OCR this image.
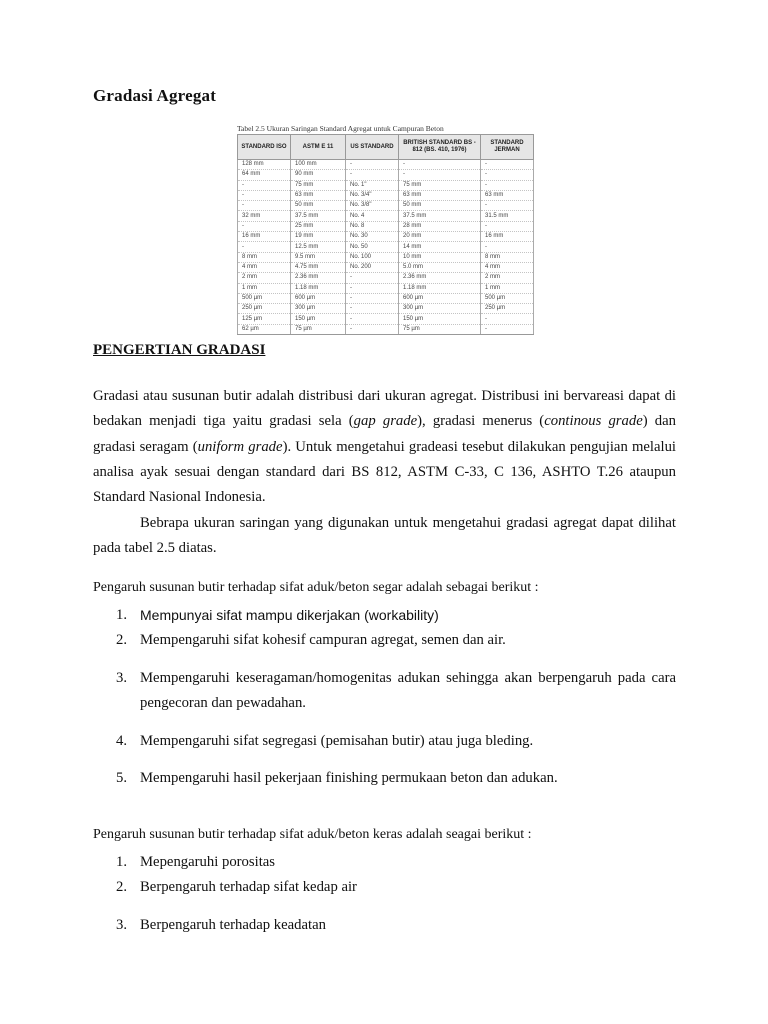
Gradasi Agregat
Tabel 2.5 Ukuran Saringan Standard Agregat untuk Campuran Beton
STANDARD ISO	ASTM E 11	US STANDARD	BRITISH STANDARD BS - 812 (BS. 410, 1976)	STANDARD JERMAN
128 mm	100 mm	-	-	-
64 mm	90 mm	-	-	-
-	75 mm	No. 1"	75 mm	-
-	63 mm	No. 3/4"	63 mm	63 mm
-	50 mm	No. 3/8"	50 mm	-
32 mm	37.5 mm	No. 4	37.5 mm	31.5 mm
-	25 mm	No. 8	28 mm	-
16 mm	19 mm	No. 30	20 mm	16 mm
-	12.5 mm	No. 50	14 mm	-
8 mm	9.5 mm	No. 100	10 mm	8 mm
4 mm	4.75 mm	No. 200	5.0 mm	4 mm
2 mm	2.36 mm	-	2.36 mm	2 mm
1 mm	1.18 mm	-	1.18 mm	1 mm
500 µm	600 µm	-	600 µm	500 µm
250 µm	300 µm	-	300 µm	250 µm
125 µm	150 µm	-	150 µm	-
62 µm	75 µm	-	75 µm	-
PENGERTIAN GRADASI
Gradasi atau susunan butir adalah distribusi dari ukuran agregat. Distribusi ini bervareasi dapat di bedakan menjadi tiga yaitu gradasi sela (gap grade), gradasi menerus (continous grade) dan gradasi seragam (uniform grade). Untuk mengetahui gradeasi tesebut dilakukan pengujian melalui analisa ayak sesuai dengan standard dari BS 812, ASTM C-33, C 136, ASHTO T.26 ataupun Standard Nasional Indonesia.
Bebrapa ukuran saringan yang digunakan untuk mengetahui gradasi agregat dapat dilihat pada tabel 2.5 diatas.
Pengaruh susunan butir terhadap sifat aduk/beton segar adalah sebagai berikut :
1. Mempunyai sifat mampu dikerjakan (workability)
2. Mempengaruhi sifat kohesif campuran agregat, semen dan air.
3. Mempengaruhi keseragaman/homogenitas adukan sehingga akan berpengaruh pada cara pengecoran dan pewadahan.
4. Mempengaruhi sifat segregasi (pemisahan butir) atau juga bleding.
5. Mempengaruhi hasil pekerjaan finishing permukaan beton dan adukan.
Pengaruh susunan butir terhadap sifat aduk/beton keras adalah seagai berikut :
1. Mepengaruhi porositas
2. Berpengaruh terhadap sifat kedap air
3. Berpengaruh terhadap keadatan
